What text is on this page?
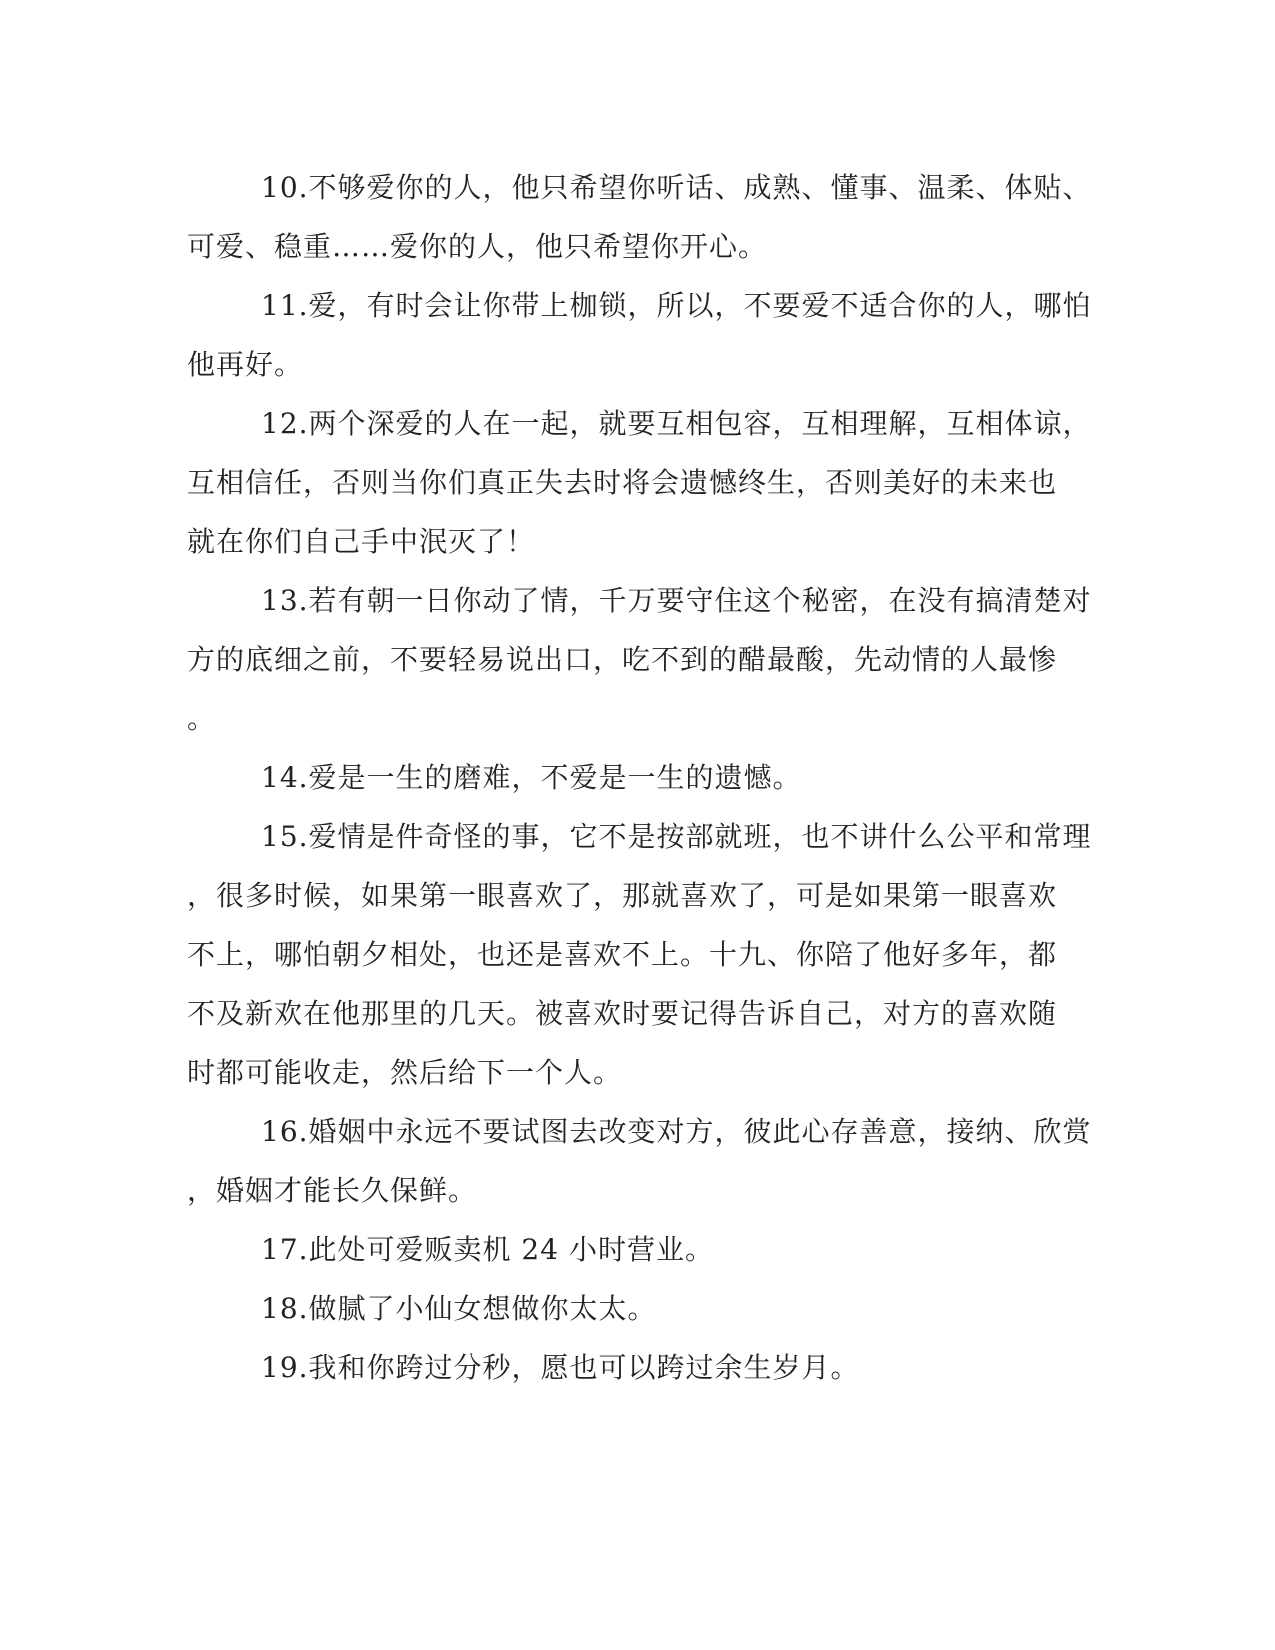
10.不够爱你的人，他只希望你听话、成熟、懂事、温柔、体贴、
可爱、稳重……爱你的人，他只希望你开心。
11.爱，有时会让你带上枷锁，所以，不要爱不适合你的人，哪怕
他再好。
12.两个深爱的人在一起，就要互相包容，互相理解，互相体谅，
互相信任，否则当你们真正失去时将会遗憾终生，否则美好的未来也
就在你们自己手中泯灭了！
13.若有朝一日你动了情，千万要守住这个秘密，在没有搞清楚对
方的底细之前，不要轻易说出口，吃不到的醋最酸，先动情的人最惨
。
14.爱是一生的磨难，不爱是一生的遗憾。
15.爱情是件奇怪的事，它不是按部就班，也不讲什么公平和常理
，很多时候，如果第一眼喜欢了，那就喜欢了，可是如果第一眼喜欢
不上，哪怕朝夕相处，也还是喜欢不上。十九、你陪了他好多年，都
不及新欢在他那里的几天。被喜欢时要记得告诉自己，对方的喜欢随
时都可能收走，然后给下一个人。
16.婚姻中永远不要试图去改变对方，彼此心存善意，接纳、欣赏
，婚姻才能长久保鲜。
17.此处可爱贩卖机 24 小时营业。
18.做腻了小仙女想做你太太。
19.我和你跨过分秒，愿也可以跨过余生岁月。
